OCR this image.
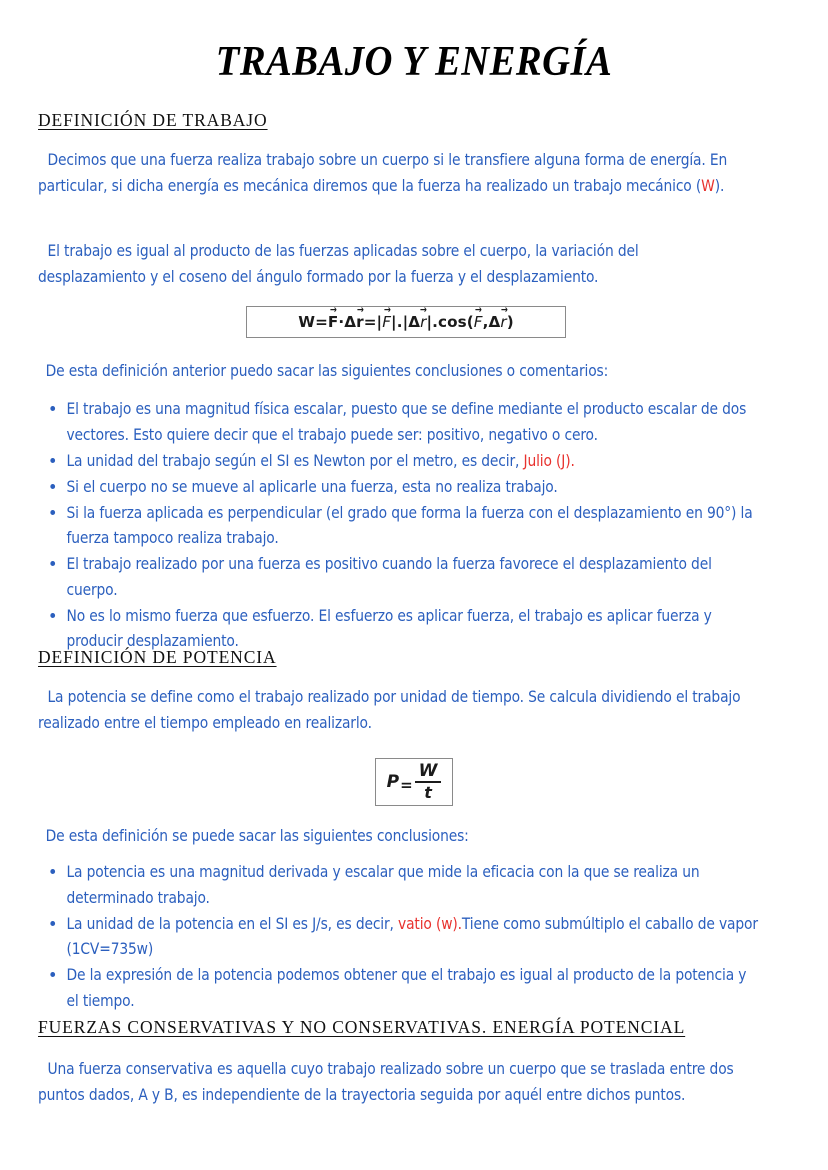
TRABAJO Y ENERGÍA
DEFINICIÓN DE TRABAJO
Decimos que una fuerza realiza trabajo sobre un cuerpo si le transfiere alguna forma de energía. En particular, si dicha energía es mecánica diremos que la fuerza ha realizado un trabajo mecánico (W).
El trabajo es igual al producto de las fuerzas aplicadas sobre el cuerpo, la variación del desplazamiento y el coseno del ángulo formado por la fuerza y el desplazamiento.
W = F → · Δ r → = | F → | . | Δ r → | . cos( F → , Δ r → )
De esta definición anterior puedo sacar las siguientes conclusiones o comentarios:
El trabajo es una magnitud física escalar, puesto que se define mediante el producto escalar de dos vectores. Esto quiere decir que el trabajo puede ser: positivo, negativo o cero.
La unidad del trabajo según el SI es Newton por el metro, es decir, Julio (J).
Si el cuerpo no se mueve al aplicarle una fuerza, esta no realiza trabajo.
Si la fuerza aplicada es perpendicular (el grado que forma la fuerza con el desplazamiento en 90°) la fuerza tampoco realiza trabajo.
El trabajo realizado por una fuerza es positivo cuando la fuerza favorece el desplazamiento del cuerpo.
No es lo mismo fuerza que esfuerzo. El esfuerzo es aplicar fuerza, el trabajo es aplicar fuerza y producir desplazamiento.
DEFINICIÓN DE POTENCIA
La potencia se define como el trabajo realizado por unidad de tiempo. Se calcula dividiendo el trabajo realizado entre el tiempo empleado en realizarlo.
$P = \frac{W}{t}$
De esta definición se puede sacar las siguientes conclusiones:
La potencia es una magnitud derivada y escalar que mide la eficacia con la que se realiza un determinado trabajo.
La unidad de la potencia en el SI es J/s, es decir, vatio (w).Tiene como submúltiplo el caballo de vapor (1CV=735w)
De la expresión de la potencia podemos obtener que el trabajo es igual al producto de la potencia y el tiempo.
FUERZAS CONSERVATIVAS Y NO CONSERVATIVAS. ENERGÍA POTENCIAL
Una fuerza conservativa es aquella cuyo trabajo realizado sobre un cuerpo que se traslada entre dos puntos dados, A y B, es independiente de la trayectoria seguida por aquél entre dichos puntos.
